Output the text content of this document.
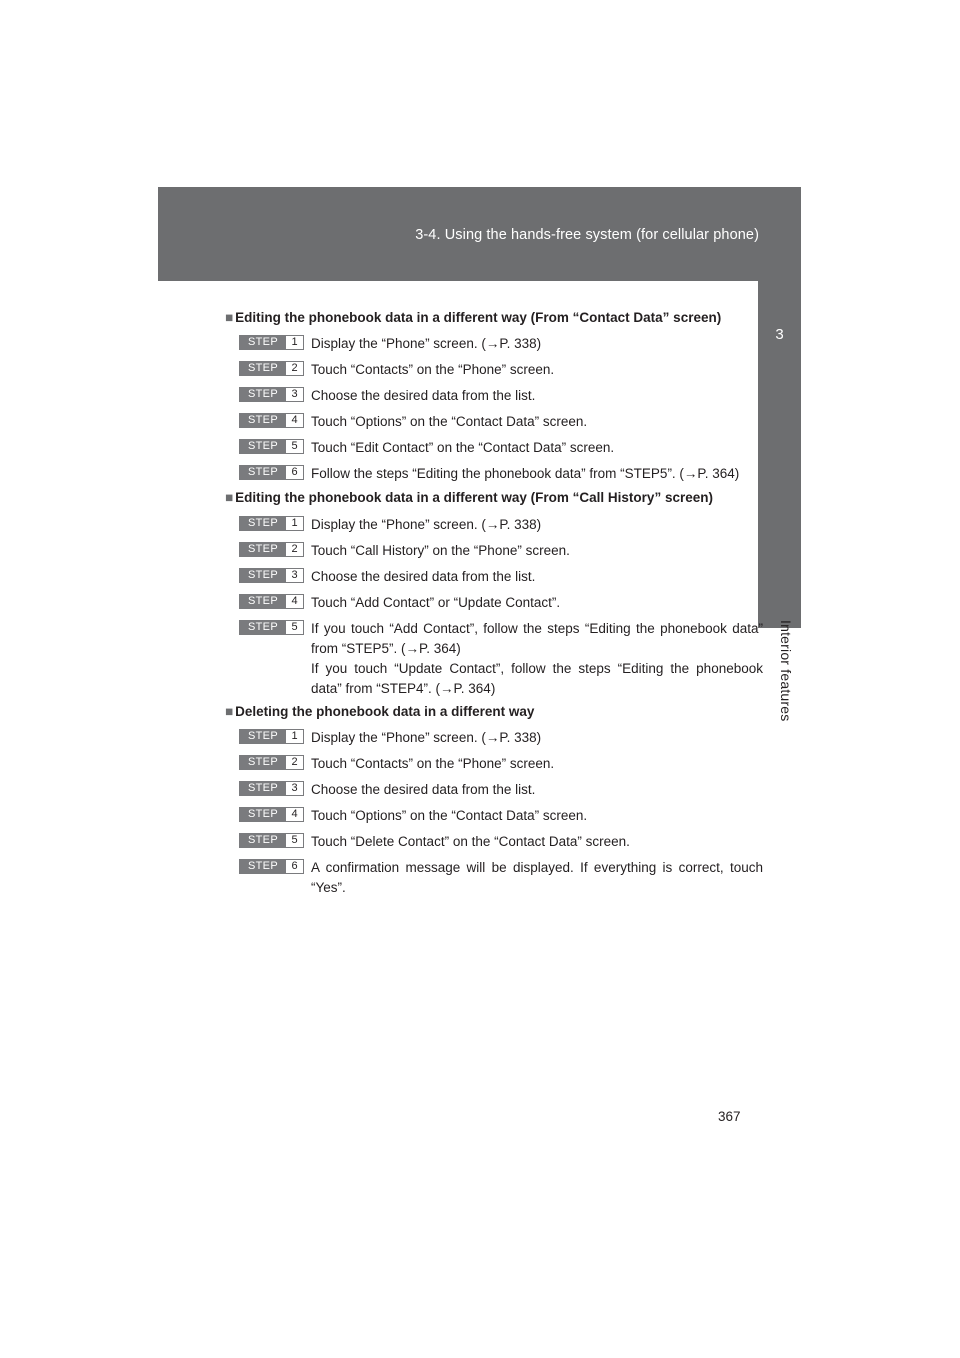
3-4. Using the hands-free system (for cellular phone)
3
Interior features
■ Editing the phonebook data in a different way (From “Contact Data” screen)
STEP	1 Display the “Phone” screen. (→P. 338)
STEP	2 Touch “Contacts” on the “Phone” screen.
STEP	3 Choose the desired data from the list.
STEP	4 Touch “Options” on the “Contact Data” screen.
STEP	5 Touch “Edit Contact” on the “Contact Data” screen.
STEP	6 Follow the steps “Editing the phonebook data” from “STEP5”. (→P. 364)
■ Editing the phonebook data in a different way (From “Call History” screen)
STEP	1 Display the “Phone” screen. (→P. 338)
STEP	2 Touch “Call History” on the “Phone” screen.
STEP	3 Choose the desired data from the list.
STEP	4 Touch “Add Contact” or “Update Contact”.
STEP	5 If you touch “Add Contact”, follow the steps “Editing the phonebook data” from “STEP5”. (→P. 364)
If you touch “Update Contact”, follow the steps “Editing the phonebook data” from “STEP4”. (→P. 364)
■ Deleting the phonebook data in a different way
STEP	1 Display the “Phone” screen. (→P. 338)
STEP	2 Touch “Contacts” on the “Phone” screen.
STEP	3 Choose the desired data from the list.
STEP	4 Touch “Options” on the “Contact Data” screen.
STEP	5 Touch “Delete Contact” on the “Contact Data” screen.
STEP	6 A confirmation message will be displayed. If everything is correct, touch “Yes”.
367
